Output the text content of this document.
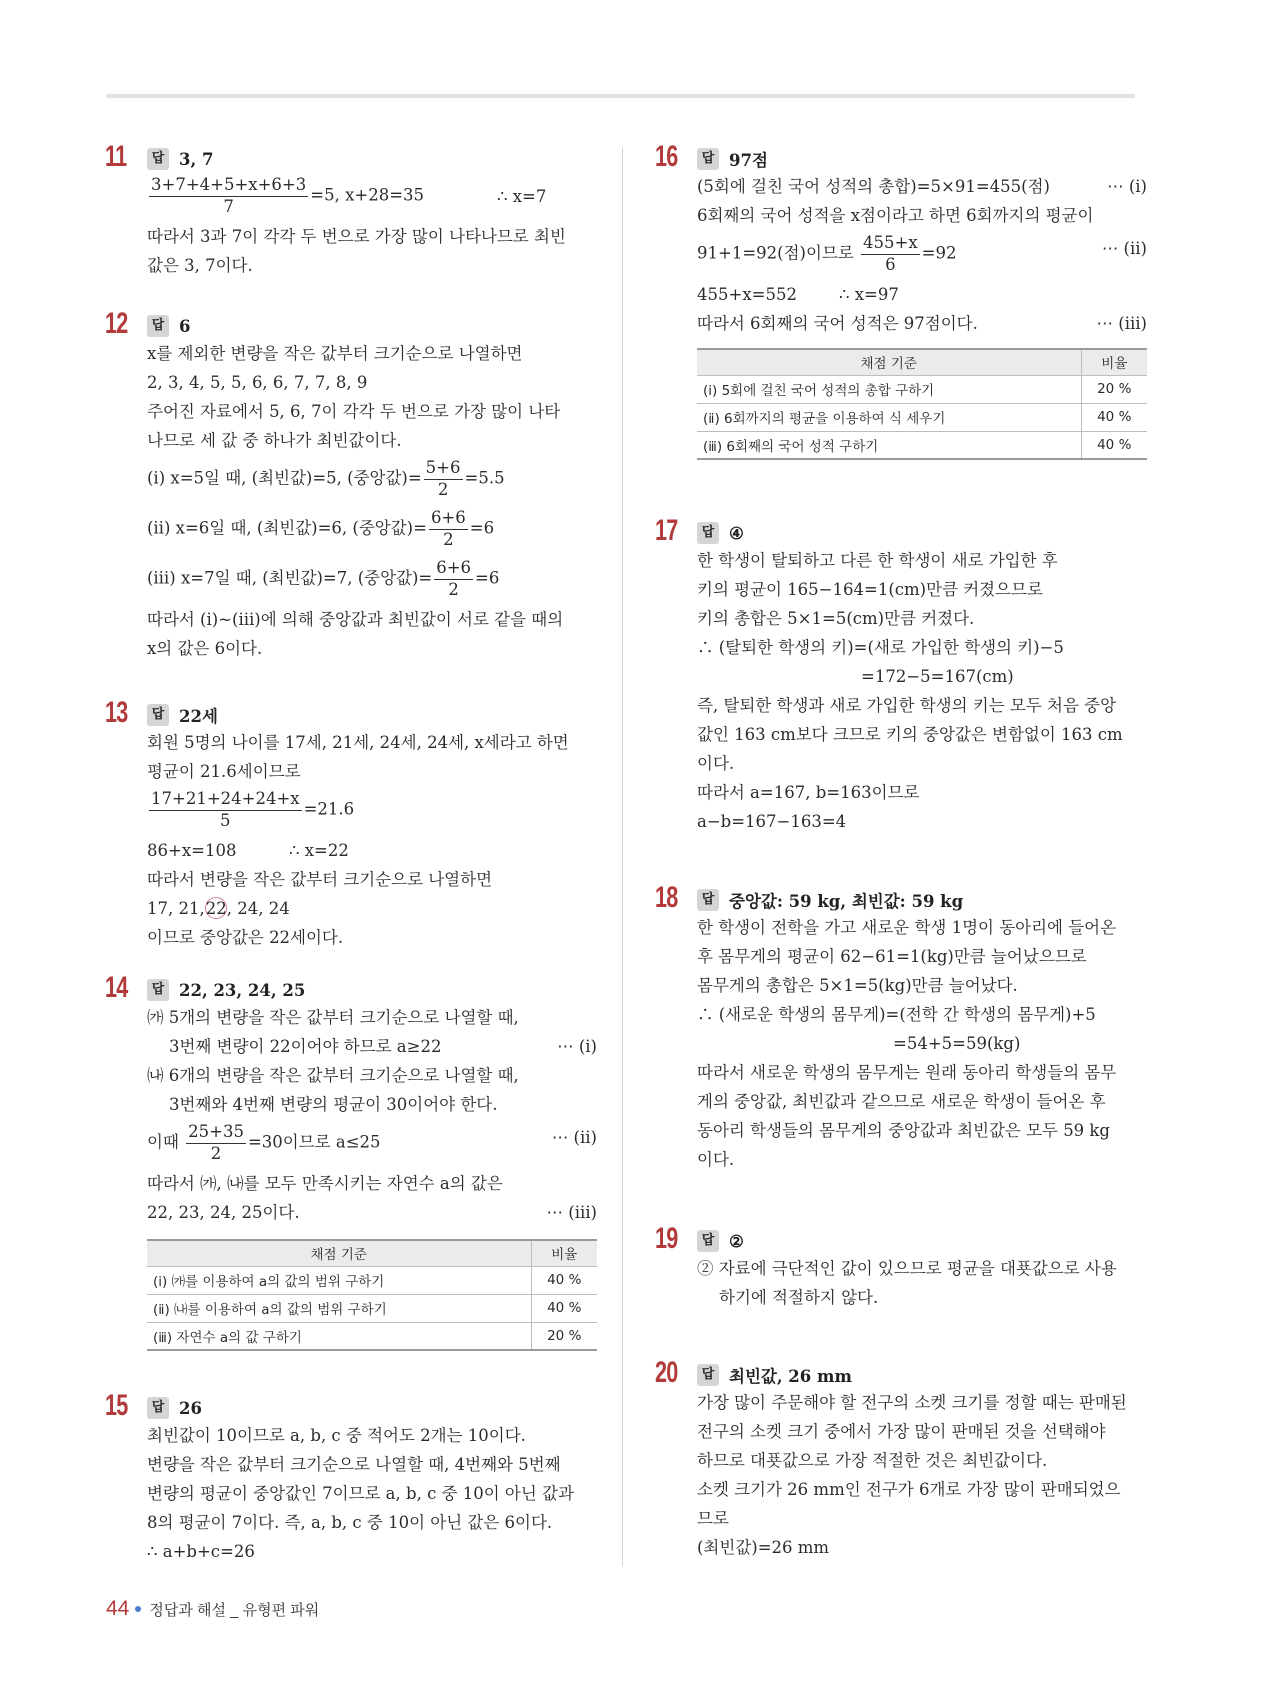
11	답 3, 7
$\frac{3+7+4+5+x+6+3}{7} =5$, x+28=35	∴ x=7
따라서 3과 7이 각각 두 번으로 가장 많이 나타나므로 최빈
값은 3, 7이다.
12	답 6
x를 제외한 변량을 작은 값부터 크기순으로 나열하면
2, 3, 4, 5, 5, 6, 6, 7, 7, 8, 9
주어진 자료에서 5, 6, 7이 각각 두 번으로 가장 많이 나타
나므로 세 값 중 하나가 최빈값이다.
(ⅰ) x=5일 때, (최빈값)=5, (중앙값)= $\frac{5+6}{2} =5.5$
(ⅱ) x=6일 때, (최빈값)=6, (중앙값)= $\frac{6+6}{2} =6$
(ⅲ) x=7일 때, (최빈값)=7, (중앙값)= $\frac{6+6}{2} =6$
따라서 (ⅰ)~(ⅲ)에 의해 중앙값과 최빈값이 서로 같을 때의
x의 값은 6이다.
13	답 22세
회원 5명의 나이를 17세, 21세, 24세, 24세, x세라고 하면
평균이 21.6세이므로
$\frac{17+21+24+24+x}{5} =21.6$
86+x=108	∴ x=22
따라서 변량을 작은 값부터 크기순으로 나열하면
17, 21,22, 24, 24
이므로 중앙값은 22세이다.
14	답 22, 23, 24, 25
㈎ 5개의 변량을 작은 값부터 크기순으로 나열할 때,
3번째 변량이 22이어야 하므로 a≥22	⋯ (ⅰ)
㈏ 6개의 변량을 작은 값부터 크기순으로 나열할 때,
3번째와 4번째 변량의 평균이 30이어야 한다.
이때 $\frac{25+35}{2} =30$이므로 a≤25	⋯ (ⅱ)
따라서 ㈎, ㈏를 모두 만족시키는 자연수 a의 값은
22, 23, 24, 25이다.	⋯ (ⅲ)
채점 기준	비율
(ⅰ) ㈎를 이용하여 a의 값의 범위 구하기	40 %
(ⅱ) ㈏를 이용하여 a의 값의 범위 구하기	40 %
(ⅲ) 자연수 a의 값 구하기	20 %
15	답 26
최빈값이 10이므로 a, b, c 중 적어도 2개는 10이다.
변량을 작은 값부터 크기순으로 나열할 때, 4번째와 5번째
변량의 평균이 중앙값인 7이므로 a, b, c 중 10이 아닌 값과
8의 평균이 7이다. 즉, a, b, c 중 10이 아닌 값은 6이다.
∴ a+b+c=26
16	답 97점
(5회에 걸친 국어 성적의 총합)=5×91=455(점)	⋯ (ⅰ)
6회째의 국어 성적을 x점이라고 하면 6회까지의 평균이
91+1=92(점)이므로 $\frac{455+x}{6} =92$	⋯ (ⅱ)
455+x=552	∴ x=97
따라서 6회째의 국어 성적은 97점이다.	⋯ (ⅲ)
채점 기준	비율
(ⅰ) 5회에 걸친 국어 성적의 총합 구하기	20 %
(ⅱ) 6회까지의 평균을 이용하여 식 세우기	40 %
(ⅲ) 6회째의 국어 성적 구하기	40 %
17	답 ④
한 학생이 탈퇴하고 다른 한 학생이 새로 가입한 후
키의 평균이 165−164=1(cm)만큼 커졌으므로
키의 총합은 5×1=5(cm)만큼 커졌다.
∴ (탈퇴한 학생의 키)=(새로 가입한 학생의 키)−5
=172−5=167(cm)
즉, 탈퇴한 학생과 새로 가입한 학생의 키는 모두 처음 중앙
값인 163 cm보다 크므로 키의 중앙값은 변함없이 163 cm
이다.
따라서 a=167, b=163이므로
a−b=167−163=4
18	답 중앙값: 59 kg, 최빈값: 59 kg
한 학생이 전학을 가고 새로운 학생 1명이 동아리에 들어온
후 몸무게의 평균이 62−61=1(kg)만큼 늘어났으므로
몸무게의 총합은 5×1=5(kg)만큼 늘어났다.
∴ (새로운 학생의 몸무게)=(전학 간 학생의 몸무게)+5
=54+5=59(kg)
따라서 새로운 학생의 몸무게는 원래 동아리 학생들의 몸무
게의 중앙값, 최빈값과 같으므로 새로운 학생이 들어온 후
동아리 학생들의 몸무게의 중앙값과 최빈값은 모두 59 kg
이다.
19	답 ②
② 자료에 극단적인 값이 있으므로 평균을 대푯값으로 사용
하기에 적절하지 않다.
20	답 최빈값, 26 mm
가장 많이 주문해야 할 전구의 소켓 크기를 정할 때는 판매된
전구의 소켓 크기 중에서 가장 많이 판매된 것을 선택해야
하므로 대푯값으로 가장 적절한 것은 최빈값이다.
소켓 크기가 26 mm인 전구가 6개로 가장 많이 판매되었으
므로
(최빈값)=26 mm
44 정답과 해설 _ 유형편 파워
